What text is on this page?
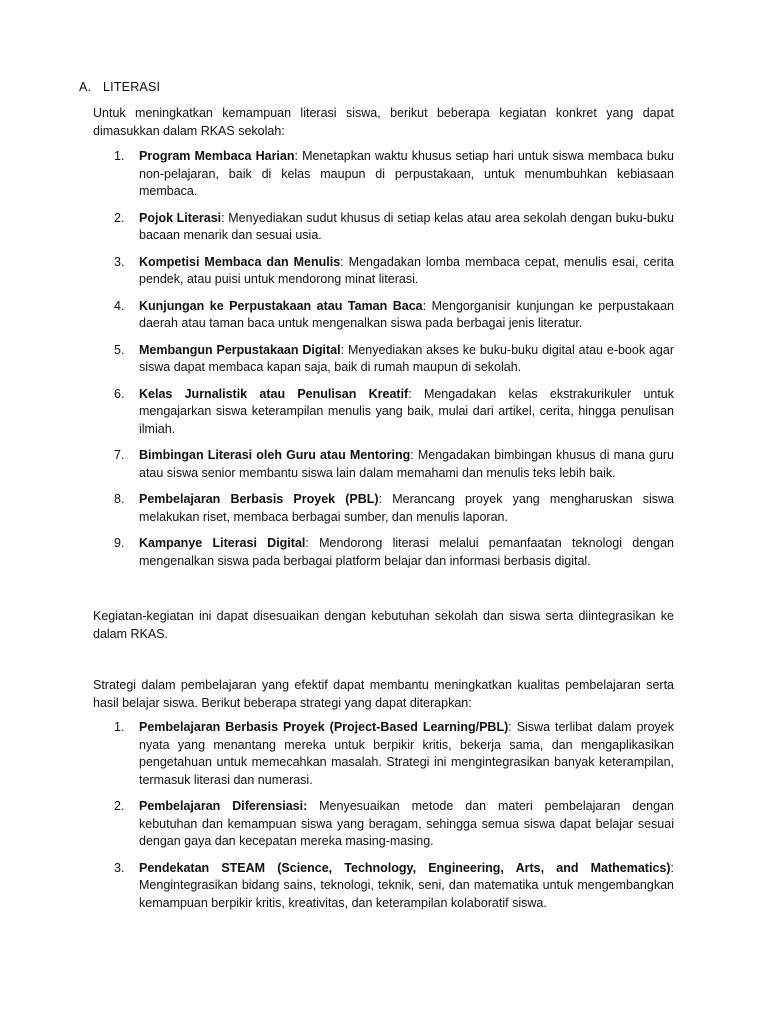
A. LITERASI

Untuk meningkatkan kemampuan literasi siswa, berikut beberapa kegiatan konkret yang dapat dimasukkan dalam RKAS sekolah:

1. Program Membaca Harian: Menetapkan waktu khusus setiap hari untuk siswa membaca buku non-pelajaran, baik di kelas maupun di perpustakaan, untuk menumbuhkan kebiasaan membaca.
2. Pojok Literasi: Menyediakan sudut khusus di setiap kelas atau area sekolah dengan buku-buku bacaan menarik dan sesuai usia.
3. Kompetisi Membaca dan Menulis: Mengadakan lomba membaca cepat, menulis esai, cerita pendek, atau puisi untuk mendorong minat literasi.
4. Kunjungan ke Perpustakaan atau Taman Baca: Mengorganisir kunjungan ke perpustakaan daerah atau taman baca untuk mengenalkan siswa pada berbagai jenis literatur.
5. Membangun Perpustakaan Digital: Menyediakan akses ke buku-buku digital atau e-book agar siswa dapat membaca kapan saja, baik di rumah maupun di sekolah.
6. Kelas Jurnalistik atau Penulisan Kreatif: Mengadakan kelas ekstrakurikuler untuk mengajarkan siswa keterampilan menulis yang baik, mulai dari artikel, cerita, hingga penulisan ilmiah.
7. Bimbingan Literasi oleh Guru atau Mentoring: Mengadakan bimbingan khusus di mana guru atau siswa senior membantu siswa lain dalam memahami dan menulis teks lebih baik.
8. Pembelajaran Berbasis Proyek (PBL): Merancang proyek yang mengharuskan siswa melakukan riset, membaca berbagai sumber, dan menulis laporan.
9. Kampanye Literasi Digital: Mendorong literasi melalui pemanfaatan teknologi dengan mengenalkan siswa pada berbagai platform belajar dan informasi berbasis digital.

Kegiatan-kegiatan ini dapat disesuaikan dengan kebutuhan sekolah dan siswa serta diintegrasikan ke dalam RKAS.

Strategi dalam pembelajaran yang efektif dapat membantu meningkatkan kualitas pembelajaran serta hasil belajar siswa. Berikut beberapa strategi yang dapat diterapkan:

1. Pembelajaran Berbasis Proyek (Project-Based Learning/PBL): Siswa terlibat dalam proyek nyata yang menantang mereka untuk berpikir kritis, bekerja sama, dan mengaplikasikan pengetahuan untuk memecahkan masalah. Strategi ini mengintegrasikan banyak keterampilan, termasuk literasi dan numerasi.
2. Pembelajaran Diferensiasi: Menyesuaikan metode dan materi pembelajaran dengan kebutuhan dan kemampuan siswa yang beragam, sehingga semua siswa dapat belajar sesuai dengan gaya dan kecepatan mereka masing-masing.
3. Pendekatan STEAM (Science, Technology, Engineering, Arts, and Mathematics): Mengintegrasikan bidang sains, teknologi, teknik, seni, dan matematika untuk mengembangkan kemampuan berpikir kritis, kreativitas, dan keterampilan kolaboratif siswa.
